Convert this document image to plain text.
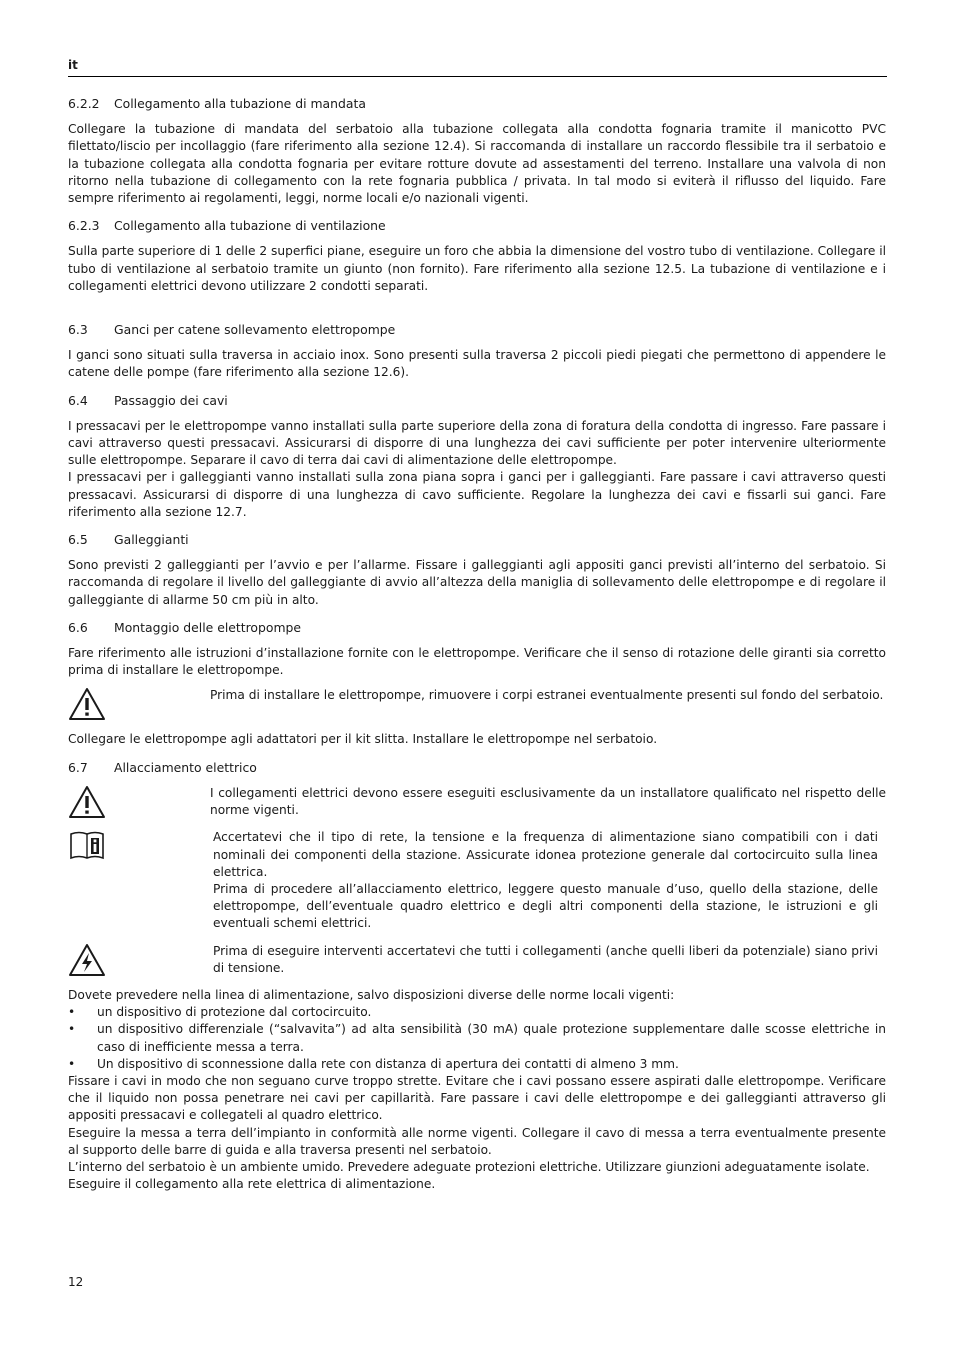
it
6.2.2	Collegamento alla tubazione di mandata

Collegare la tubazione di mandata del serbatoio alla tubazione collegata alla condotta fognaria tramite il manicotto PVC filettato/liscio per incollaggio (fare riferimento alla sezione 12.4). Si raccomanda di installare un raccordo flessibile tra il serbatoio e la tubazione collegata alla condotta fognaria per evitare rotture dovute ad assestamenti del terreno. Installare una valvola di non ritorno nella tubazione di collegamento con la rete fognaria pubblica / privata. In tal modo si eviterà il riflusso del liquido. Fare sempre riferimento ai regolamenti, leggi, norme locali e/o nazionali vigenti.

6.2.3	Collegamento alla tubazione di ventilazione

Sulla parte superiore di 1 delle 2 superfici piane, eseguire un foro che abbia la dimensione del vostro tubo di ventilazione. Collegare il tubo di ventilazione al serbatoio tramite un giunto (non fornito). Fare riferimento alla sezione 12.5. La tubazione di ventilazione e i collegamenti elettrici devono utilizzare 2 condotti separati.

6.3	Ganci per catene sollevamento elettropompe

I ganci sono situati sulla traversa in acciaio inox. Sono presenti sulla traversa 2 piccoli piedi piegati che permettono di appendere le catene delle pompe (fare riferimento alla sezione 12.6).

6.4	Passaggio dei cavi

I pressacavi per le elettropompe vanno installati sulla parte superiore della zona di foratura della condotta di ingresso. Fare passare i cavi attraverso questi pressacavi. Assicurarsi di disporre di una lunghezza dei cavi sufficiente per poter intervenire ulteriormente sulle elettropompe. Separare il cavo di terra dai cavi di alimentazione delle elettropompe.

I pressacavi per i galleggianti vanno installati sulla zona piana sopra i ganci per i galleggianti. Fare passare i cavi attraverso questi pressacavi. Assicurarsi di disporre di una lunghezza di cavo sufficiente. Regolare la lunghezza dei cavi e fissarli sui ganci. Fare riferimento alla sezione 12.7.

6.5	Galleggianti

Sono previsti 2 galleggianti per l’avvio e per l’allarme. Fissare i galleggianti agli appositi ganci previsti all’interno del serbatoio. Si raccomanda di regolare il livello del galleggiante di avvio all’altezza della maniglia di sollevamento delle elettropompe e di regolare il galleggiante di allarme 50 cm più in alto.

6.6	Montaggio delle elettropompe

Fare riferimento alle istruzioni d’installazione fornite con le elettropompe. Verificare che il senso di rotazione delle giranti sia corretto prima di installare le elettropompe.

Prima di installare le elettropompe, rimuovere i corpi estranei eventualmente presenti sul fondo del serbatoio.

Collegare le elettropompe agli adattatori per il kit slitta. Installare le elettropompe nel serbatoio.

6.7	Allacciamento elettrico
I collegamenti elettrici devono essere eseguiti esclusivamente da un installatore qualificato nel rispetto delle norme vigenti.
Accertatevi che il tipo di rete, la tensione e la frequenza di alimentazione siano compatibili con i dati nominali dei componenti della stazione. Assicurate idonea protezione generale dal cortocircuito sulla linea elettrica.
Prima di procedere all’allacciamento elettrico, leggere questo manuale d’uso, quello della stazione, delle elettropompe, dell’eventuale quadro elettrico e degli altri componenti della stazione, le istruzioni e gli eventuali schemi elettrici.
Prima di eseguire interventi accertatevi che tutti i collegamenti (anche quelli liberi da potenziale) siano privi di tensione.

Dovete prevedere nella linea di alimentazione, salvo disposizioni diverse delle norme locali vigenti:

•	un dispositivo di protezione dal cortocircuito.
•	un dispositivo differenziale (“salvavita”) ad alta sensibilità (30 mA) quale protezione supplementare dalle scosse elettriche in caso di inefficiente messa a terra.
•	Un dispositivo di sconnessione dalla rete con distanza di apertura dei contatti di almeno 3 mm.

Fissare i cavi in modo che non seguano curve troppo strette. Evitare che i cavi possano essere aspirati dalle elettropompe. Verificare che il liquido non possa penetrare nei cavi per capillarità. Fare passare i cavi delle elettropompe e dei galleggianti attraverso gli appositi pressacavi e collegateli al quadro elettrico.

Eseguire la messa a terra dell’impianto in conformità alle norme vigenti. Collegare il cavo di messa a terra eventualmente presente al supporto delle barre di guida e alla traversa presenti nel serbatoio.

L’interno del serbatoio è un ambiente umido. Prevedere adeguate protezioni elettriche. Utilizzare giunzioni adeguatamente isolate.

Eseguire il collegamento alla rete elettrica di alimentazione.

12
